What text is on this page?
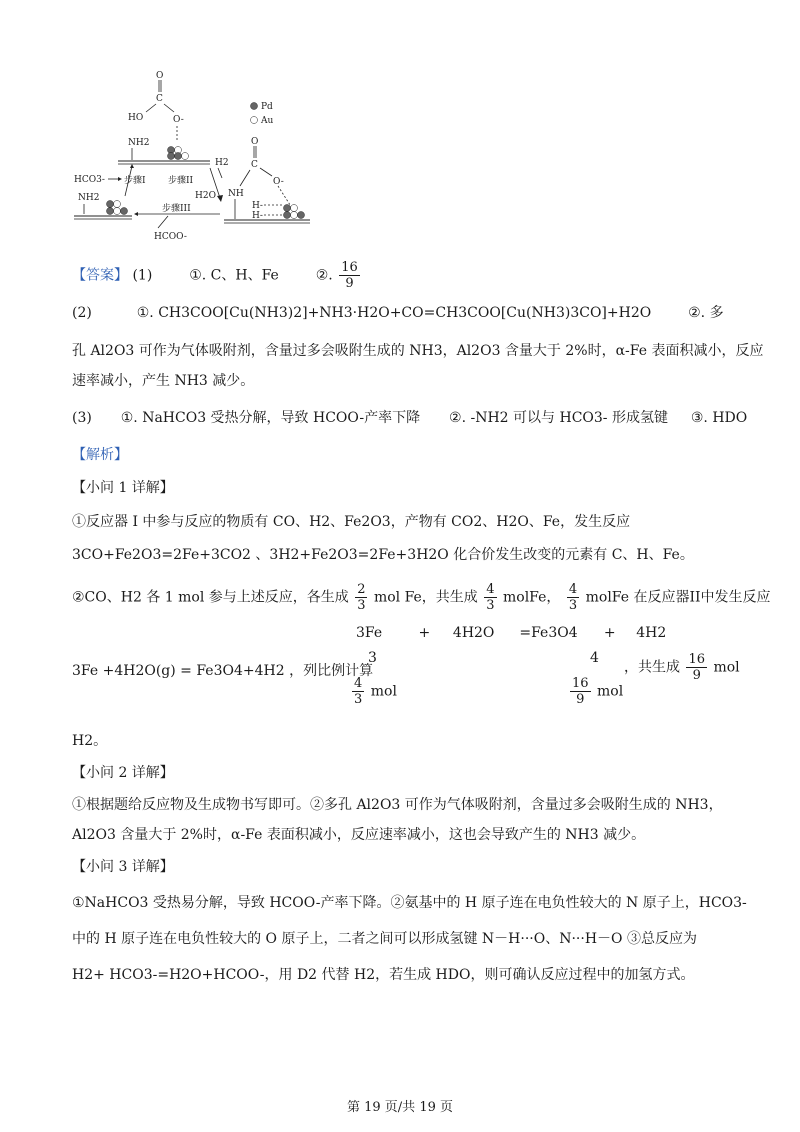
O
C
HO	O-
NH2
Pd
Au
O
C
O-
NH
H-
H-
HCO3- 步骤I 步骤II
H2
H2O
NH2
步骤III
HCOO-
【答案】 (1)	①. C、H、Fe	②. $\frac{16}{9}$
(2)	①. CH3COO[Cu(NH3)2]+NH3·H2O+CO=CH3COO[Cu(NH3)3CO]+H2O	②. 多
孔 Al2O3 可作为气体吸附剂，含量过多会吸附生成的 NH3，Al2O3 含量大于 2%时，α-Fe 表面积减小，反应
速率减小，产生 NH3 减少。
(3) ①. NaHCO3 受热分解，导致 HCOO-产率下降 ②. -NH2 可以与 HCO3- 形成氢键 ③. HDO
【解析】
【小问 1 详解】
①反应器 I 中参与反应的物质有 CO、H2、Fe2O3，产物有 CO2、H2O、Fe，发生反应
3CO+Fe2O3=2Fe+3CO2 、3H2+Fe2O3=2Fe+3H2O 化合价发生改变的元素有 C、H、Fe。
②CO、H2 各 1 mol 参与上述反应，各生成 $\frac{2}{3}$ mol Fe，共生成 $\frac{4}{3}$ molFe， $\frac{4}{3}$ molFe 在反应器II中发生反应
3Fe	+ 4H2O =Fe3O4 + 4H2
3	4
3Fe +4H2O(g) = Fe3O4+4H2 ，列比例计算
$\frac{4}{3}$ mol	$\frac{16}{9}$ mol
，共生成 $\frac{16}{9}$ mol
H2。
【小问 2 详解】
①根据题给反应物及生成物书写即可。②多孔 Al2O3 可作为气体吸附剂，含量过多会吸附生成的 NH3，
Al2O3 含量大于 2%时，α-Fe 表面积减小，反应速率减小，这也会导致产生的 NH3 减少。
【小问 3 详解】
①NaHCO3 受热易分解，导致 HCOO-产率下降。②氨基中的 H 原子连在电负性较大的 N 原子上，HCO3-
中的 H 原子连在电负性较大的 O 原子上，二者之间可以形成氢键 N－H···O、N···H－O ③总反应为
H2+ HCO3-=H2O+HCOO-，用 D2 代替 H2，若生成 HDO，则可确认反应过程中的加氢方式。
第 19 页/共 19 页
